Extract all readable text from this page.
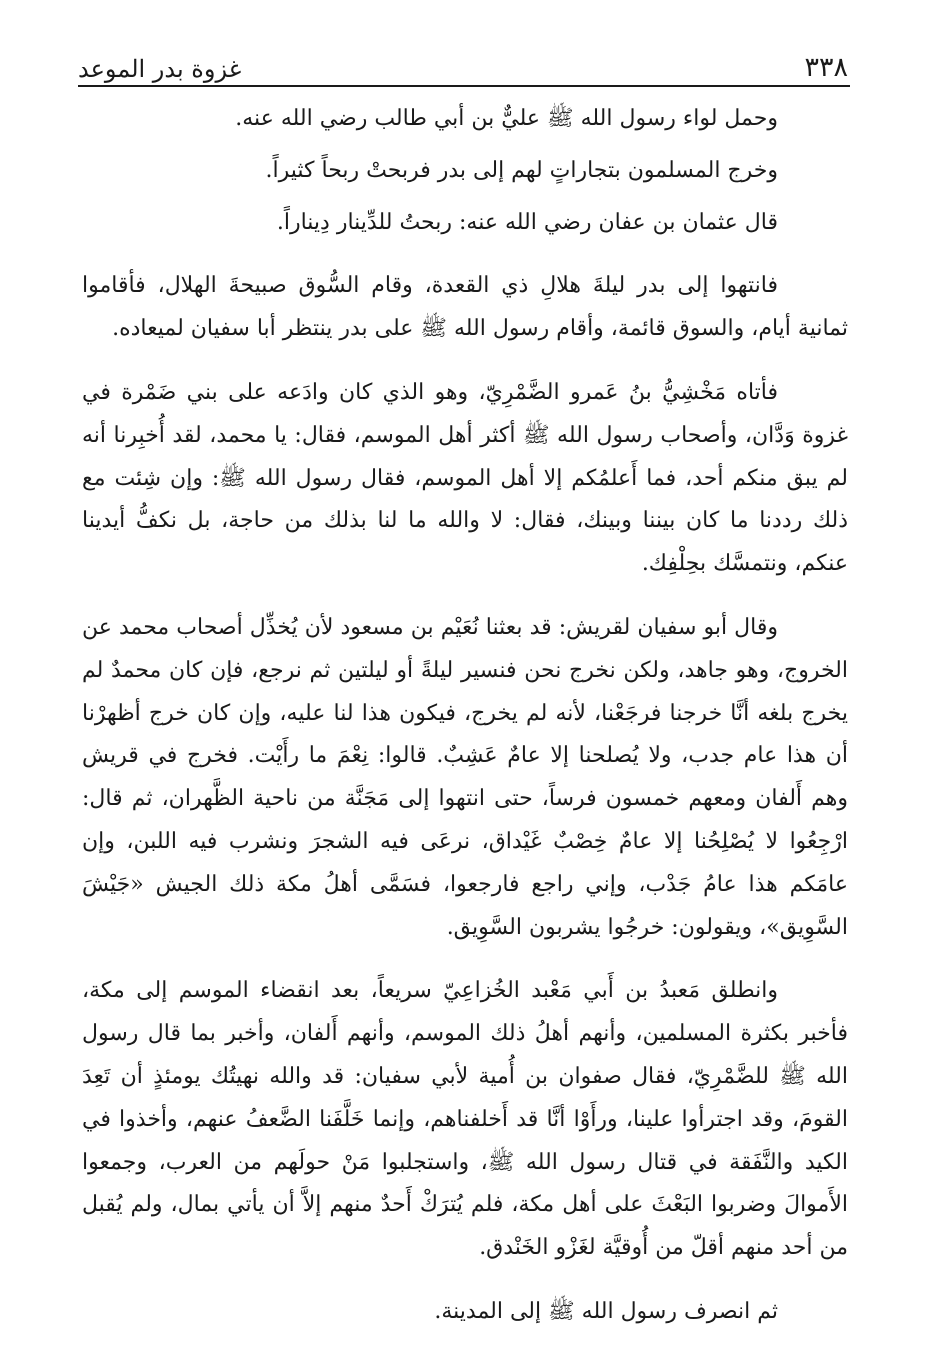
٣٣٨
غزوة بدر الموعد

وحمل لواء رسول الله ﷺ عليٌّ بن أبي طالب رضي الله عنه.

وخرج المسلمون بتجاراتٍ لهم إلى بدر فربحتْ ربحاً كثيراً.

قال عثمان بن عفان رضي الله عنه: ربحتُ للدِّينار دِيناراً.

فانتهوا إلى بدر ليلةَ هلالِ ذي القعدة، وقام السُّوق صبيحةَ الهلال، فأقاموا ثمانية أيام، والسوق قائمة، وأقام رسول الله ﷺ على بدر ينتظر أبا سفيان لميعاده.

فأتاه مَخْشِيُّ بنُ عَمرو الضَّمْرِيّ، وهو الذي كان وادَعه على بني ضَمْرة في غزوة وَدَّان، وأصحاب رسول الله ﷺ أكثر أهل الموسم، فقال: يا محمد، لقد أُخبِرنا أنه لم يبق منكم أحد، فما أَعلمُكم إلا أهل الموسم، فقال رسول الله ﷺ: وإن شِئت مع ذلك رددنا ما كان بيننا وبينك، فقال: لا والله ما لنا بذلك من حاجة، بل نكفُّ أيدينا عنكم، ونتمسَّك بحِلْفِك.

وقال أبو سفيان لقريش: قد بعثنا نُعَيْم بن مسعود لأن يُخذِّل أصحاب محمد عن الخروج، وهو جاهد، ولكن نخرج نحن فنسير ليلةً أو ليلتين ثم نرجع، فإن كان محمدٌ لم يخرج بلغه أنَّا خرجنا فرجَعْنا، لأنه لم يخرج، فيكون هذا لنا عليه، وإن كان خرج أظهرْنا أن هذا عام جدب، ولا يُصلحنا إلا عامٌ عَشِبٌ. قالوا: نِعْمَ ما رأَيْت. فخرج في قريش وهم أَلفان ومعهم خمسون فرساً، حتى انتهوا إلى مَجَنَّة من ناحية الظَّهران، ثم قال: ارْجِعُوا لا يُصْلِحُنا إلا عامٌ خِصْبٌ غَيْداق، نرعَى فيه الشجرَ ونشرب فيه اللبن، وإن عامَكم هذا عامُ جَدْب، وإني راجع فارجعوا، فسَمَّى أهلُ مكة ذلك الجيش «جَيْشَ السَّوِيق»، ويقولون: خرجُوا يشربون السَّوِيق.

وانطلق مَعبدُ بن أَبي مَعْبد الخُزاعِيّ سريعاً، بعد انقضاء الموسم إلى مكة، فأخبر بكثرة المسلمين، وأنهم أهلُ ذلك الموسم، وأنهم أَلفان، وأخبر بما قال رسول الله ﷺ للضَّمْرِيّ، فقال صفوان بن أُمية لأبي سفيان: قد والله نهيتُك يومئذٍ أن تَعِدَ القومَ، وقد اجترأوا علينا، ورأَوْا أنَّا قد أَخلفناهم، وإنما خَلَّفَنا الضَّعفُ عنهم، وأخذوا في الكيد والنَّفَقة في قتال رسول الله ﷺ، واستجلبوا مَنْ حولَهم من العرب، وجمعوا الأَموالَ وضربوا البَعْثَ على أهل مكة، فلم يُترَكْ أَحدٌ منهم إلاَّ أن يأتي بمال، ولم يُقبل من أحد منهم أقلّ من أُوقيَّة لغَزْو الخَنْدق.

ثم انصرف رسول الله ﷺ إلى المدينة.
